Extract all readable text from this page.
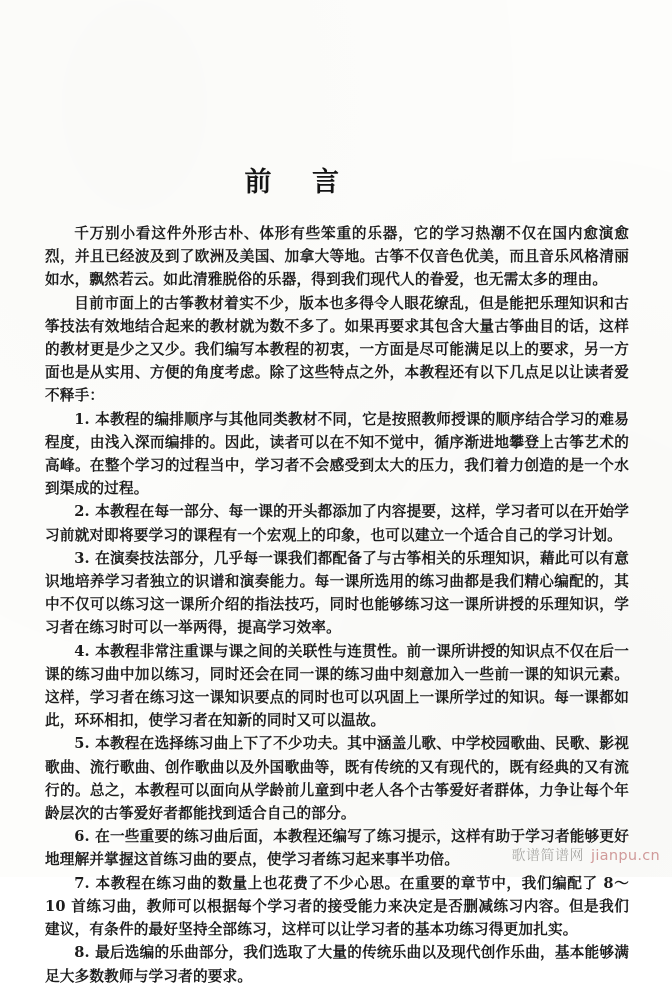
前 言

千万别小看这件外形古朴、体形有些笨重的乐器，它的学习热潮不仅在国内愈演愈烈，并且已经波及到了欧洲及美国、加拿大等地。古筝不仅音色优美，而且音乐风格清丽如水，飘然若云。如此清雅脱俗的乐器，得到我们现代人的眷爱，也无需太多的理由。

目前市面上的古筝教材着实不少，版本也多得令人眼花缭乱，但是能把乐理知识和古筝技法有效地结合起来的教材就为数不多了。如果再要求其包含大量古筝曲目的话，这样的教材更是少之又少。我们编写本教程的初衷，一方面是尽可能满足以上的要求，另一方面也是从实用、方便的角度考虑。除了这些特点之外，本教程还有以下几点足以让读者爱不释手：

1. 本教程的编排顺序与其他同类教材不同，它是按照教师授课的顺序结合学习的难易程度，由浅入深而编排的。因此，读者可以在不知不觉中，循序渐进地攀登上古筝艺术的高峰。在整个学习的过程当中，学习者不会感受到太大的压力，我们着力创造的是一个水到渠成的过程。

2. 本教程在每一部分、每一课的开头都添加了内容提要，这样，学习者可以在开始学习前就对即将要学习的课程有一个宏观上的印象，也可以建立一个适合自己的学习计划。

3. 在演奏技法部分，几乎每一课我们都配备了与古筝相关的乐理知识，藉此可以有意识地培养学习者独立的识谱和演奏能力。每一课所选用的练习曲都是我们精心编配的，其中不仅可以练习这一课所介绍的指法技巧，同时也能够练习这一课所讲授的乐理知识，学习者在练习时可以一举两得，提高学习效率。

4. 本教程非常注重课与课之间的关联性与连贯性。前一课所讲授的知识点不仅在后一课的练习曲中加以练习，同时还会在同一课的练习曲中刻意加入一些前一课的知识元素。这样，学习者在练习这一课知识要点的同时也可以巩固上一课所学过的知识。每一课都如此，环环相扣，使学习者在知新的同时又可以温故。

5. 本教程在选择练习曲上下了不少功夫。其中涵盖儿歌、中学校园歌曲、民歌、影视歌曲、流行歌曲、创作歌曲以及外国歌曲等，既有传统的又有现代的，既有经典的又有流行的。总之，本教程可以面向从学龄前儿童到中老人各个古筝爱好者群体，力争让每个年龄层次的古筝爱好者都能找到适合自己的部分。

6. 在一些重要的练习曲后面，本教程还编写了练习提示，这样有助于学习者能够更好地理解并掌握这首练习曲的要点，使学习者练习起来事半功倍。

7. 本教程在练习曲的数量上也花费了不少心思。在重要的章节中，我们编配了 8～10 首练习曲，教师可以根据每个学习者的接受能力来决定是否删减练习内容。但是我们建议，有条件的最好坚持全部练习，这样可以让学习者的基本功练习得更加扎实。

8. 最后选编的乐曲部分，我们选取了大量的传统乐曲以及现代创作乐曲，基本能够满足大多数教师与学习者的要求。

歌谱简谱网 jianpu.cn
